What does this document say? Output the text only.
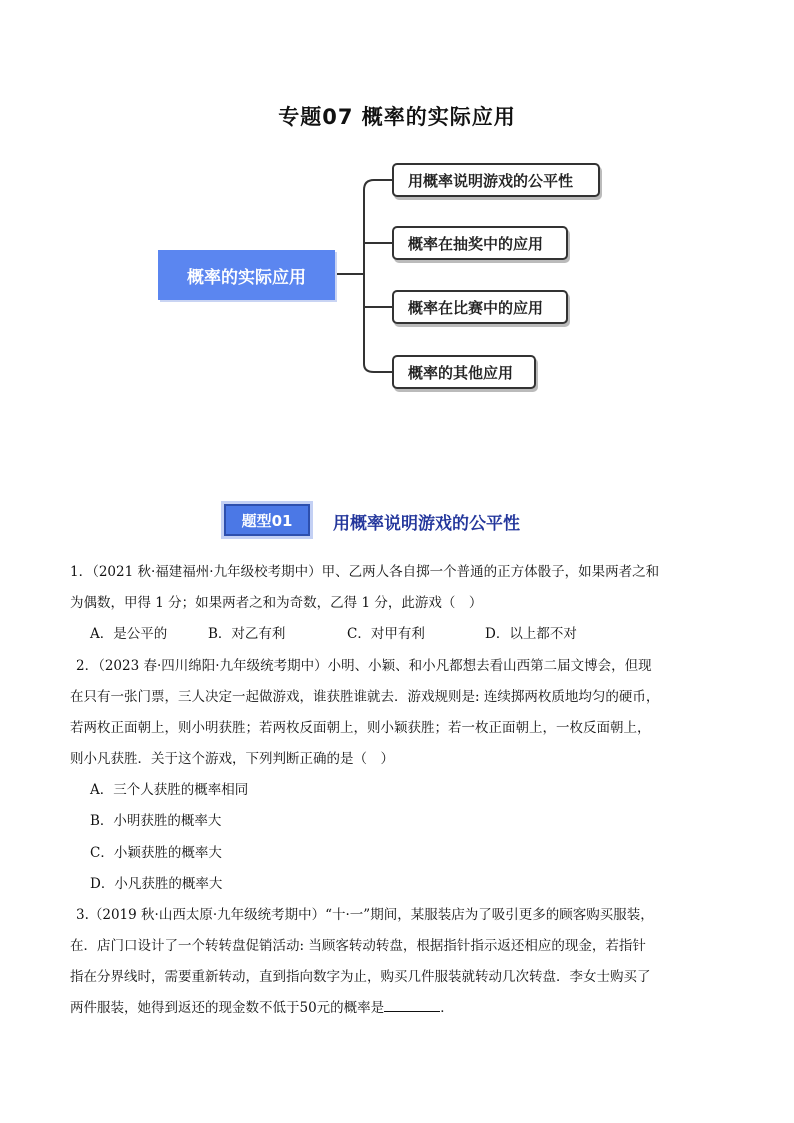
专题07 概率的实际应用
概率的实际应用
用概率说明游戏的公平性
概率在抽奖中的应用
概率在比赛中的应用
概率的其他应用
题型01	用概率说明游戏的公平性
1．（2021 秋·福建福州·九年级校考期中）甲、乙两人各自掷一个普通的正方体骰子，如果两者之和
为偶数，甲得 1 分；如果两者之和为奇数，乙得 1 分，此游戏（　）
A．是公平的	B．对乙有利	C．对甲有利	D．以上都不对
2．（2023 春·四川绵阳·九年级统考期中）小明、小颖、和小凡都想去看山西第二届文博会，但现
在只有一张门票，三人决定一起做游戏，谁获胜谁就去．游戏规则是: 连续掷两枚质地均匀的硬币，
若两枚正面朝上，则小明获胜；若两枚反面朝上，则小颖获胜；若一枚正面朝上，一枚反面朝上，
则小凡获胜．关于这个游戏，下列判断正确的是（　）
A．三个人获胜的概率相同
B．小明获胜的概率大
C．小颖获胜的概率大
D．小凡获胜的概率大
3.（2019 秋·山西太原·九年级统考期中）“十·一”期间，某服装店为了吸引更多的顾客购买服装，
在．店门口设计了一个转转盘促销活动: 当顾客转动转盘，根据指针指示返还相应的现金，若指针
指在分界线时，需要重新转动，直到指向数字为止，购买几件服装就转动几次转盘．李女士购买了
两件服装，她得到返还的现金数不低于50元的概率是	．
